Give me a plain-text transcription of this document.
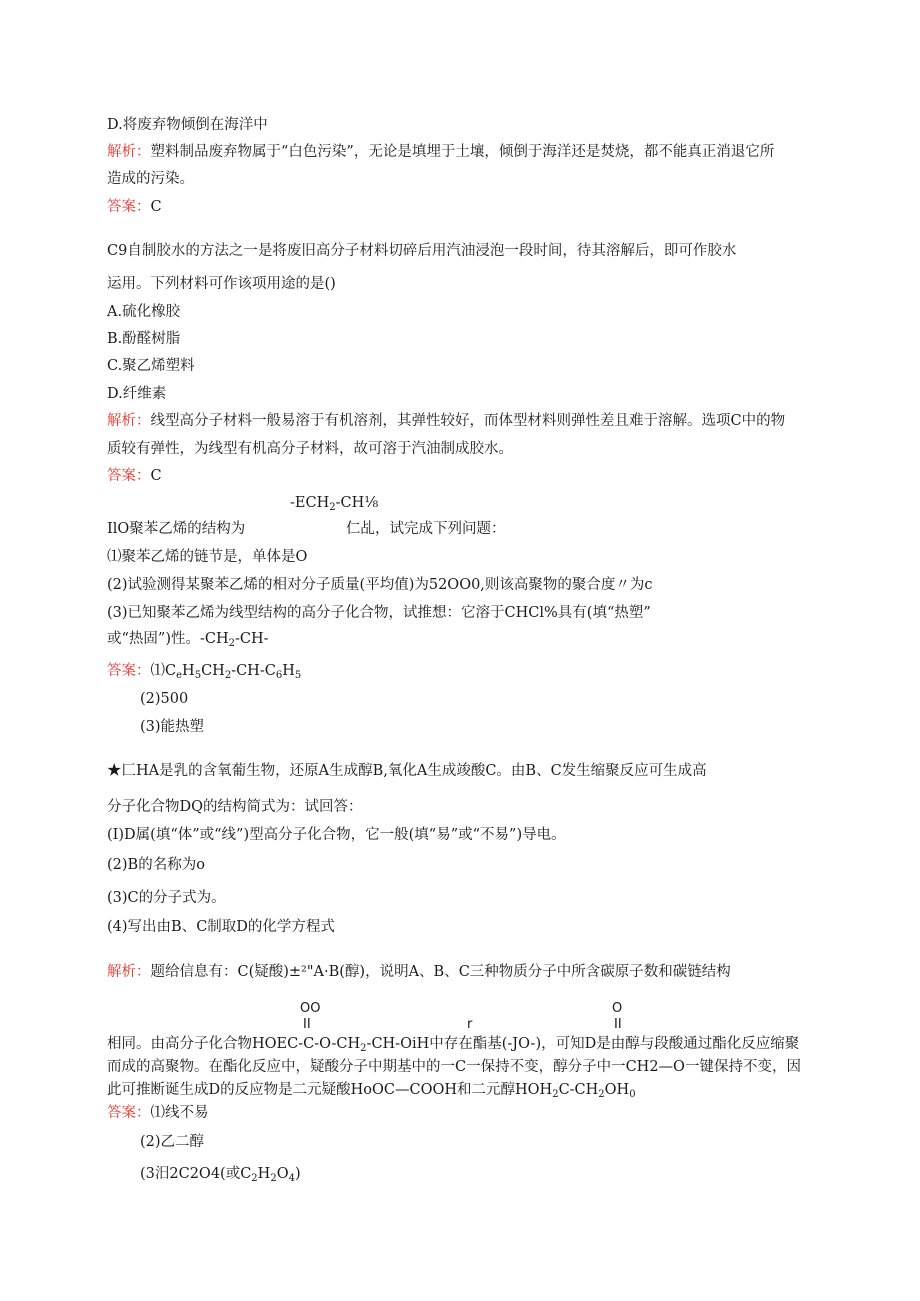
D.将废弃物倾倒在海洋中
解析：塑料制品废弃物属于“白色污染”，无论是填埋于土壤，倾倒于海洋还是焚烧，都不能真正消退它所
造成的污染。
答案：C
C9自制胶水的方法之一是将废旧高分子材料切碎后用汽油浸泡一段时间，待其溶解后，即可作胶水
运用。下列材料可作该项用途的是()
A.硫化橡胶
B.酚醛树脂
C.聚乙烯塑料
D.纤维素
解析：线型高分子材料一般易溶于有机溶剂，其弹性较好，而体型材料则弹性差且难于溶解。选项C中的物
质较有弹性，为线型有机高分子材料，故可溶于汽油制成胶水。
答案：C
$-ECH_2$-CH⅛
IlO聚苯乙烯的结构为	仁乩，试完成下列问题：
⑴聚苯乙烯的链节是，单体是O
(2)试验测得某聚苯乙烯的相对分子质量(平均值)为52OO0,则该高聚物的聚合度〃为c
(3)已知聚苯乙烯为线型结构的高分子化合物，试推想：它溶于CHCl%具有(填“热塑”
或“热固”)性。$-CH_2-CH-$
答案：$⑴C_eH_5CH_2-CH-C_6H_5$
(2)500
(3)能热塑
★匚HA是乳的含氧葡生物，还原A生成醇B,氧化A生成竣酸C。由B、C发生缩聚反应可生成高
分子化合物DQ的结构简式为：试回答：
(I)D属(填“体”或“线”)型高分子化合物，它一般(填“易”或“不易”)导电。
(2)B的名称为o
(3)C的分子式为。
(4)写出由B、C制取D的化学方程式
解析：题给信息有：C(疑酸)±²"A·B(醇)，说明A、B、C三种物质分子中所含碳原子数和碳链结构
OO
II	r
O
II
相同。由高分子化合物HOEC-$C-O-CH_2-CH$-OiH中存在酯基(-JO-)，可知D是由醇与段酸通过酯化反应缩聚
而成的高聚物。在酯化反应中，疑酸分子中期基中的一C一保持不变，醇分子中一CH2—O一键保持不变，因
此可推断诞生成D的反应物是二元疑酸HoOC—COOH和二元醇$HOH_2C-CH_2OH_0$
答案：⑴线不易
(2)乙二醇
(3汨2C2O4(或$C_2H_2O_4$)
